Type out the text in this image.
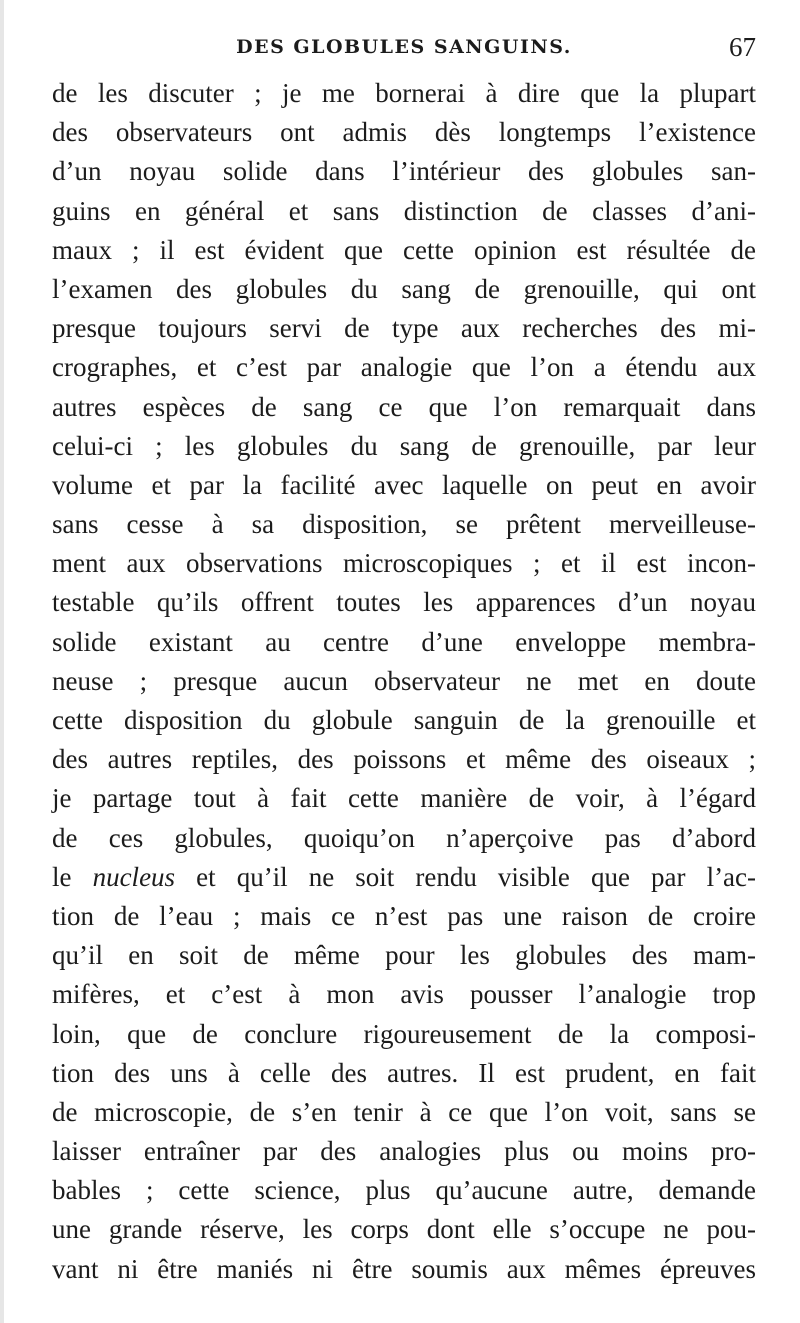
DES GLOBULES SANGUINS.	67
de les discuter ; je me bornerai à dire que la plupart
des observateurs ont admis dès longtemps l’existence
d’un noyau solide dans l’intérieur des globules san-
guins en général et sans distinction de classes d’ani-
maux ; il est évident que cette opinion est résultée de
l’examen des globules du sang de grenouille, qui ont
presque toujours servi de type aux recherches des mi-
crographes, et c’est par analogie que l’on a étendu aux
autres espèces de sang ce que l’on remarquait dans
celui-ci ; les globules du sang de grenouille, par leur
volume et par la facilité avec laquelle on peut en avoir
sans cesse à sa disposition, se prêtent merveilleuse-
ment aux observations microscopiques ; et il est incon-
testable qu’ils offrent toutes les apparences d’un noyau
solide existant au centre d’une enveloppe membra-
neuse ; presque aucun observateur ne met en doute
cette disposition du globule sanguin de la grenouille et
des autres reptiles, des poissons et même des oiseaux ;
je partage tout à fait cette manière de voir, à l’égard
de ces globules, quoiqu’on n’aperçoive pas d’abord
le nucleus et qu’il ne soit rendu visible que par l’ac-
tion de l’eau ; mais ce n’est pas une raison de croire
qu’il en soit de même pour les globules des mam-
mifères, et c’est à mon avis pousser l’analogie trop
loin, que de conclure rigoureusement de la composi-
tion des uns à celle des autres. Il est prudent, en fait
de microscopie, de s’en tenir à ce que l’on voit, sans se
laisser entraîner par des analogies plus ou moins pro-
bables ; cette science, plus qu’aucune autre, demande
une grande réserve, les corps dont elle s’occupe ne pou-
vant ni être maniés ni être soumis aux mêmes épreuves
